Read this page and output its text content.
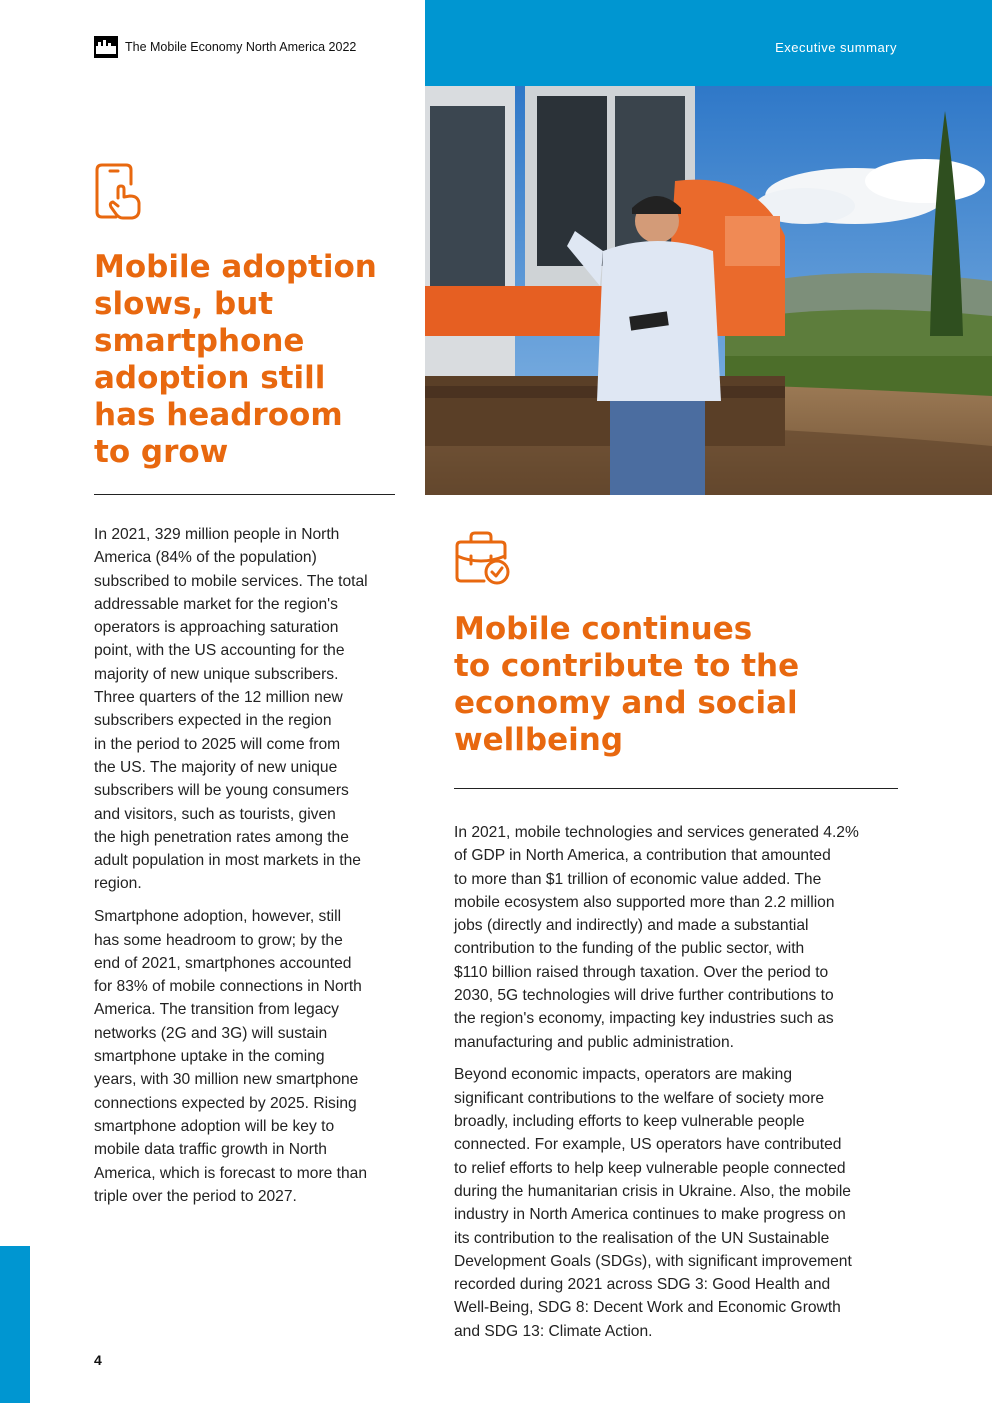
Executive summary
The Mobile Economy North America 2022
Mobile adoption
slows, but
smartphone
adoption still
has headroom
to grow

In 2021, 329 million people in North
America (84% of the population)
subscribed to mobile services. The total
addressable market for the region's
operators is approaching saturation
point, with the US accounting for the
majority of new unique subscribers.
Three quarters of the 12 million new
subscribers expected in the region
in the period to 2025 will come from
the US. The majority of new unique
subscribers will be young consumers
and visitors, such as tourists, given
the high penetration rates among the
adult population in most markets in the
region.

Smartphone adoption, however, still
has some headroom to grow; by the
end of 2021, smartphones accounted
for 83% of mobile connections in North
America. The transition from legacy
networks (2G and 3G) will sustain
smartphone uptake in the coming
years, with 30 million new smartphone
connections expected by 2025. Rising
smartphone adoption will be key to
mobile data traffic growth in North
America, which is forecast to more than
triple over the period to 2027.

Mobile continues
to contribute to the
economy and social
wellbeing

In 2021, mobile technologies and services generated 4.2%
of GDP in North America, a contribution that amounted
to more than $1 trillion of economic value added. The
mobile ecosystem also supported more than 2.2 million
jobs (directly and indirectly) and made a substantial
contribution to the funding of the public sector, with
$110 billion raised through taxation. Over the period to
2030, 5G technologies will drive further contributions to
the region's economy, impacting key industries such as
manufacturing and public administration.

Beyond economic impacts, operators are making
significant contributions to the welfare of society more
broadly, including efforts to keep vulnerable people
connected. For example, US operators have contributed
to relief efforts to help keep vulnerable people connected
during the humanitarian crisis in Ukraine. Also, the mobile
industry in North America continues to make progress on
its contribution to the realisation of the UN Sustainable
Development Goals (SDGs), with significant improvement
recorded during 2021 across SDG 3: Good Health and
Well-Being, SDG 8: Decent Work and Economic Growth
and SDG 13: Climate Action.

4
